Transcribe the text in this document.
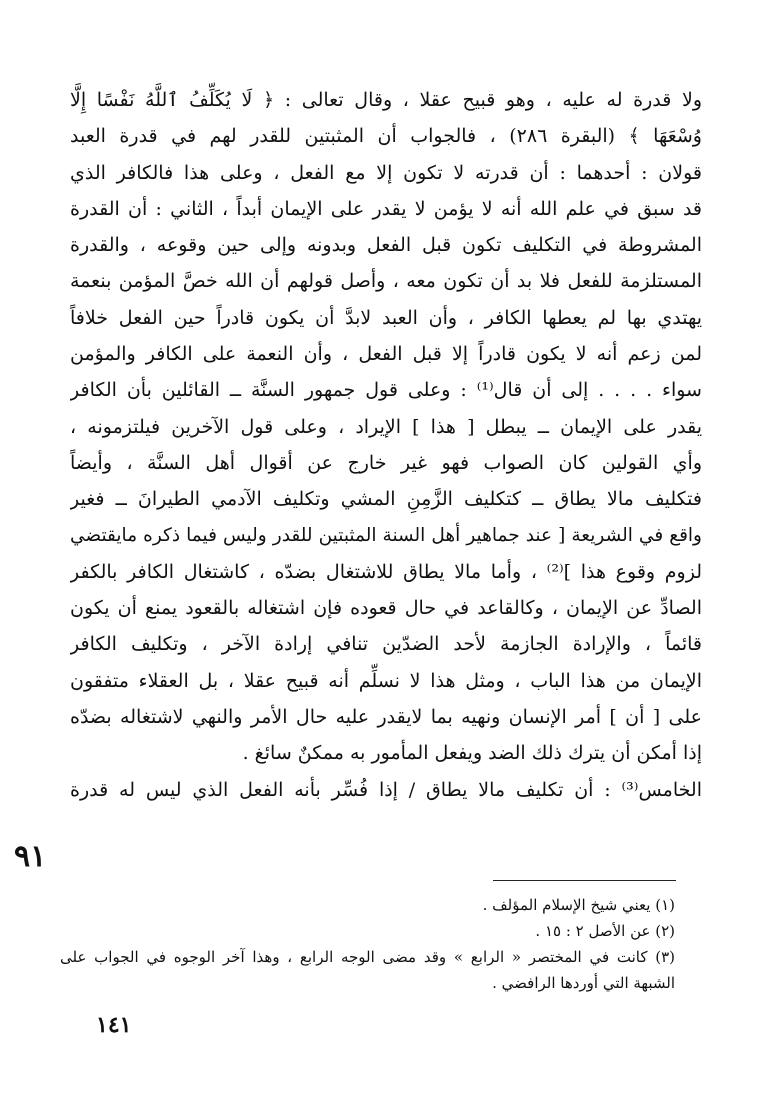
ولا قدرة له عليه ، وهو قبيح عقلا ، وقال تعالى : ﴿ لَا يُكَلِّفُ ٱللَّهُ نَفْسًا إِلَّا
وُسْعَهَا ﴾ (البقرة ٢٨٦) ، فالجواب أن المثبتين للقدر لهم في قدرة العبد
قولان : أحدهما : أن قدرته لا تكون إلا مع الفعل ، وعلى هذا فالكافر الذي
قد سبق في علم الله أنه لا يؤمن لا يقدر على الإيمان أبداً ، الثاني : أن القدرة
المشروطة في التكليف تكون قبل الفعل وبدونه وإلى حين وقوعه ، والقدرة
المستلزمة للفعل فلا بد أن تكون معه ، وأصل قولهم أن الله خصَّ المؤمن بنعمة
يهتدي بها لم يعطها الكافر ، وأن العبد لابدَّ أن يكون قادراً حين الفعل خلافاً
لمن زعم أنه لا يكون قادراً إلا قبل الفعل ، وأن النعمة على الكافر والمؤمن
سواء . . . . إلى أن قال⁽¹⁾ : وعلى قول جمهور السنَّة ــ القائلين بأن الكافر
يقدر على الإيمان ــ يبطل [ هذا ] الإيراد ، وعلى قول الآخرين فيلتزمونه ،
وأي القولين كان الصواب فهو غير خارج عن أقوال أهل السنَّة ، وأيضاً
فتكليف مالا يطاق ــ كتكليف الزَّمِنِ المشي وتكليف الآدمي الطيرانَ ــ فغير
واقع في الشريعة [ عند جماهير أهل السنة المثبتين للقدر وليس فيما ذكره مايقتضي
لزوم وقوع هذا ]⁽²⁾ ، وأما مالا يطاق للاشتغال بضدّه ، كاشتغال الكافر بالكفر
الصادِّ عن الإيمان ، وكالقاعد في حال قعوده فإن اشتغاله بالقعود يمنع أن يكون
قائماً ، والإرادة الجازمة لأحد الضدّين تنافي إرادة الآخر ، وتكليف الكافر
الإيمان من هذا الباب ، ومثل هذا لا نسلِّم أنه قبيح عقلا ، بل العقلاء متفقون
على [ أن ] أمر الإنسان ونهيه بما لايقدر عليه حال الأمر والنهي لاشتغاله بضدّه
إذا أمكن أن يترك ذلك الضد ويفعل المأمور به ممكنٌ سائغ .
الخامس⁽³⁾ : أن تكليف مالا يطاق / إذا فُسِّر بأنه الفعل الذي ليس له قدرة
٩١
(١) يعني شيخ الإسلام المؤلف .
(٢) عن الأصل ٢ : ١٥ .
(٣) كانت في المختصر « الرابع » وقد مضى الوجه الرابع ، وهذا آخر الوجوه في الجواب على
الشبهة التي أوردها الرافضي .
١٤١
